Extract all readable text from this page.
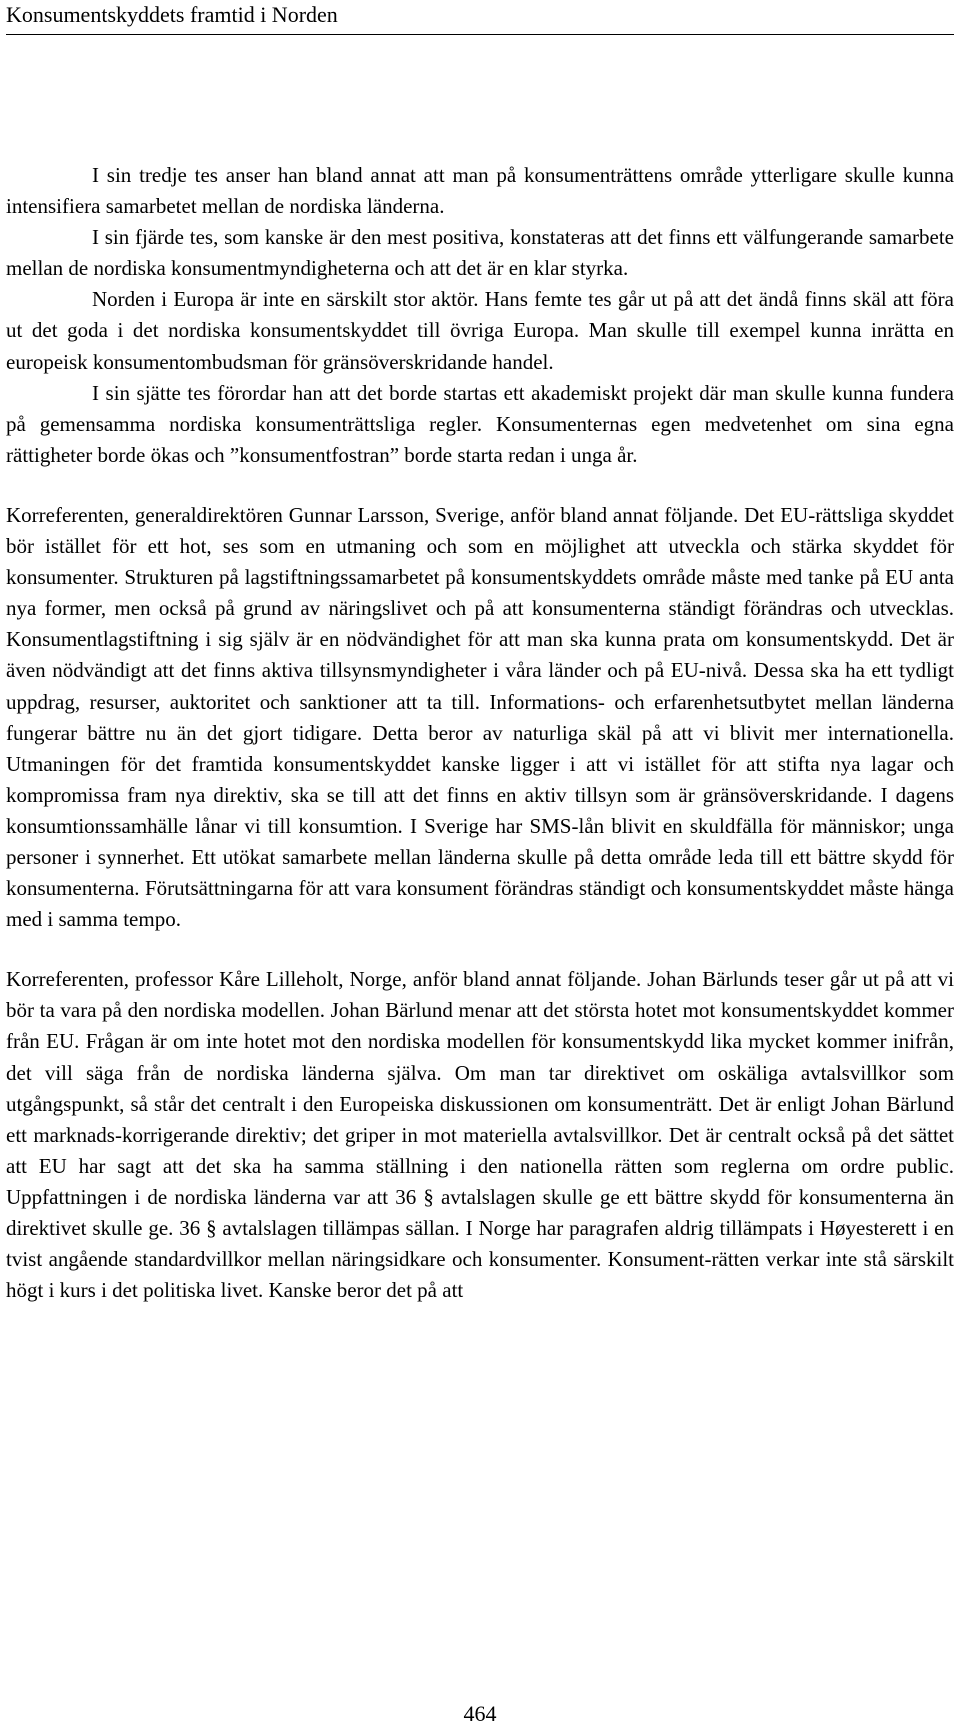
Konsumentskyddets framtid i Norden

I sin tredje tes anser han bland annat att man på konsumenträttens område ytterligare skulle kunna intensifiera samarbetet mellan de nordiska länderna.

I sin fjärde tes, som kanske är den mest positiva, konstateras att det finns ett välfungerande samarbete mellan de nordiska konsumentmyndigheterna och att det är en klar styrka.

Norden i Europa är inte en särskilt stor aktör. Hans femte tes går ut på att det ändå finns skäl att föra ut det goda i det nordiska konsumentskyddet till övriga Europa. Man skulle till exempel kunna inrätta en europeisk konsumentombudsman för gränsöverskridande handel.

I sin sjätte tes förordar han att det borde startas ett akademiskt projekt där man skulle kunna fundera på gemensamma nordiska konsumenträttsliga regler. Konsumenternas egen medvetenhet om sina egna rättigheter borde ökas och ”konsumentfostran” borde starta redan i unga år.

Korreferenten, generaldirektören Gunnar Larsson, Sverige, anför bland annat följande. Det EU-rättsliga skyddet bör istället för ett hot, ses som en utmaning och som en möjlighet att utveckla och stärka skyddet för konsumenter. Strukturen på lagstiftningssamarbetet på konsumentskyddets område måste med tanke på EU anta nya former, men också på grund av näringslivet och på att konsumenterna ständigt förändras och utvecklas. Konsumentlagstiftning i sig själv är en nödvändighet för att man ska kunna prata om konsumentskydd. Det är även nödvändigt att det finns aktiva tillsynsmyndigheter i våra länder och på EU-nivå. Dessa ska ha ett tydligt uppdrag, resurser, auktoritet och sanktioner att ta till. Informations- och erfarenhetsutbytet mellan länderna fungerar bättre nu än det gjort tidigare. Detta beror av naturliga skäl på att vi blivit mer internationella. Utmaningen för det framtida konsumentskyddet kanske ligger i att vi istället för att stifta nya lagar och kompromissa fram nya direktiv, ska se till att det finns en aktiv tillsyn som är gränsöverskridande. I dagens konsumtionssamhälle lånar vi till konsumtion. I Sverige har SMS-lån blivit en skuldfälla för människor; unga personer i synnerhet. Ett utökat samarbete mellan länderna skulle på detta område leda till ett bättre skydd för konsumenterna. Förutsättningarna för att vara konsument förändras ständigt och konsumentskyddet måste hänga med i samma tempo.

Korreferenten, professor Kåre Lilleholt, Norge, anför bland annat följande. Johan Bärlunds teser går ut på att vi bör ta vara på den nordiska modellen. Johan Bärlund menar att det största hotet mot konsumentskyddet kommer från EU. Frågan är om inte hotet mot den nordiska modellen för konsumentskydd lika mycket kommer inifrån, det vill säga från de nordiska länderna själva. Om man tar direktivet om oskäliga avtalsvillkor som utgångspunkt, så står det centralt i den Europeiska diskussionen om konsumenträtt. Det är enligt Johan Bärlund ett marknads-korrigerande direktiv; det griper in mot materiella avtalsvillkor. Det är centralt också på det sättet att EU har sagt att det ska ha samma ställning i den nationella rätten som reglerna om ordre public. Uppfattningen i de nordiska länderna var att 36 § avtalslagen skulle ge ett bättre skydd för konsumenterna än direktivet skulle ge. 36 § avtalslagen tillämpas sällan. I Norge har paragrafen aldrig tillämpats i Høyesterett i en tvist angående standardvillkor mellan näringsidkare och konsumenter. Konsument-rätten verkar inte stå särskilt högt i kurs i det politiska livet. Kanske beror det på att

464
